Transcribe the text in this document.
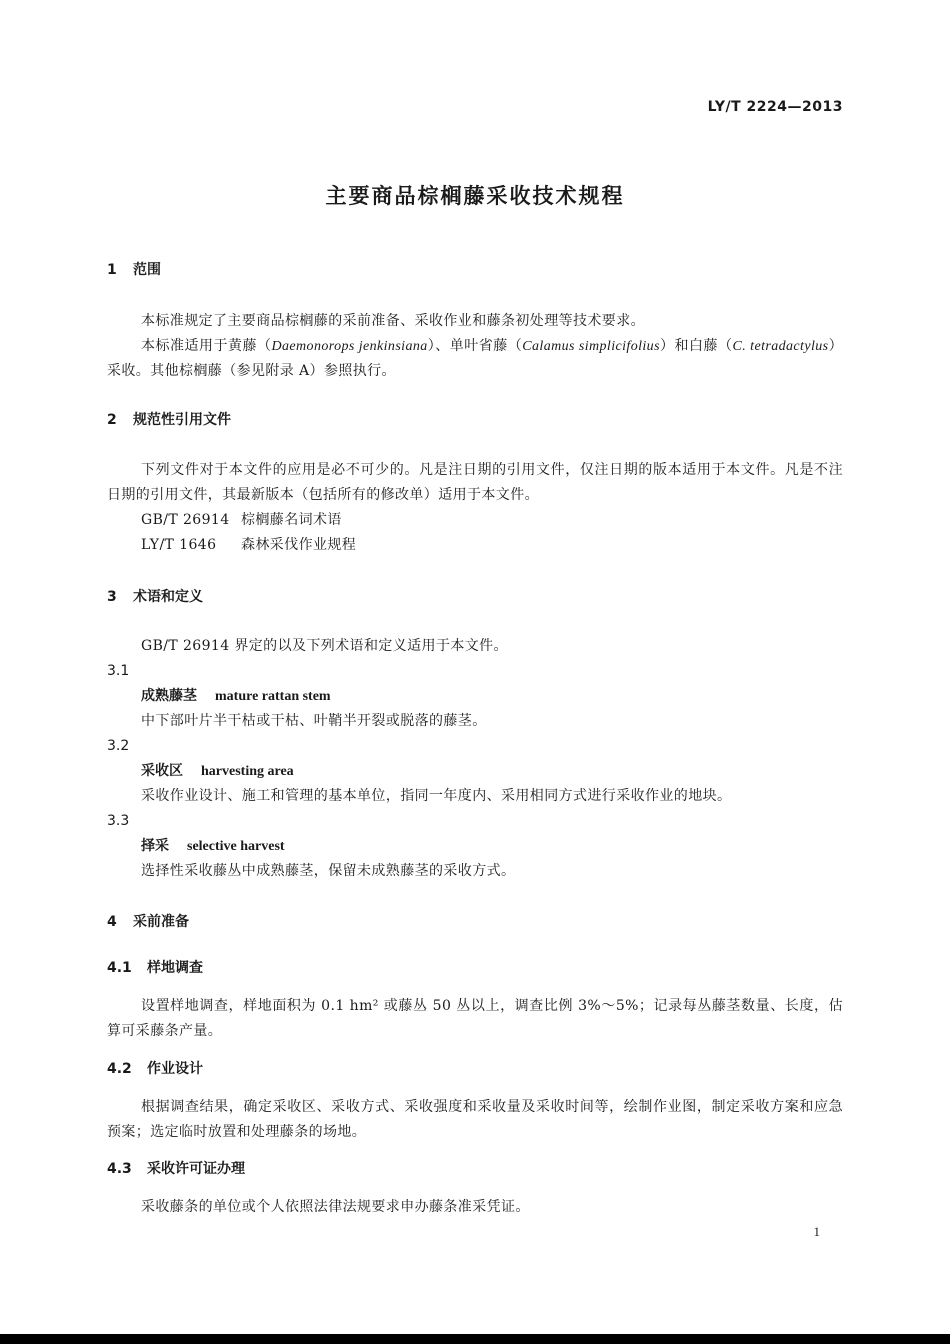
LY/T 2224—2013
主要商品棕榈藤采收技术规程
1 范围
本标准规定了主要商品棕榈藤的采前准备、采收作业和藤条初处理等技术要求。
本标准适用于黄藤（Daemonorops jenkinsiana）、单叶省藤（Calamus simplicifolius）和白藤（C. tetradactylus）采收。其他棕榈藤（参见附录 A）参照执行。
2 规范性引用文件
下列文件对于本文件的应用是必不可少的。凡是注日期的引用文件，仅注日期的版本适用于本文件。凡是不注日期的引用文件，其最新版本（包括所有的修改单）适用于本文件。
GB/T 26914 棕榈藤名词术语
LY/T 1646 森林采伐作业规程
3 术语和定义
GB/T 26914 界定的以及下列术语和定义适用于本文件。
3.1
成熟藤茎 mature rattan stem
中下部叶片半干枯或干枯、叶鞘半开裂或脱落的藤茎。
3.2
采收区 harvesting area
采收作业设计、施工和管理的基本单位，指同一年度内、采用相同方式进行采收作业的地块。
3.3
择采 selective harvest
选择性采收藤丛中成熟藤茎，保留未成熟藤茎的采收方式。
4 采前准备
4.1 样地调查
设置样地调查，样地面积为 0.1 hm² 或藤丛 50 丛以上，调查比例 3%～5%；记录每丛藤茎数量、长度，估算可采藤条产量。
4.2 作业设计
根据调查结果，确定采收区、采收方式、采收强度和采收量及采收时间等，绘制作业图，制定采收方案和应急预案；选定临时放置和处理藤条的场地。
4.3 采收许可证办理
采收藤条的单位或个人依照法律法规要求申办藤条准采凭证。
1
